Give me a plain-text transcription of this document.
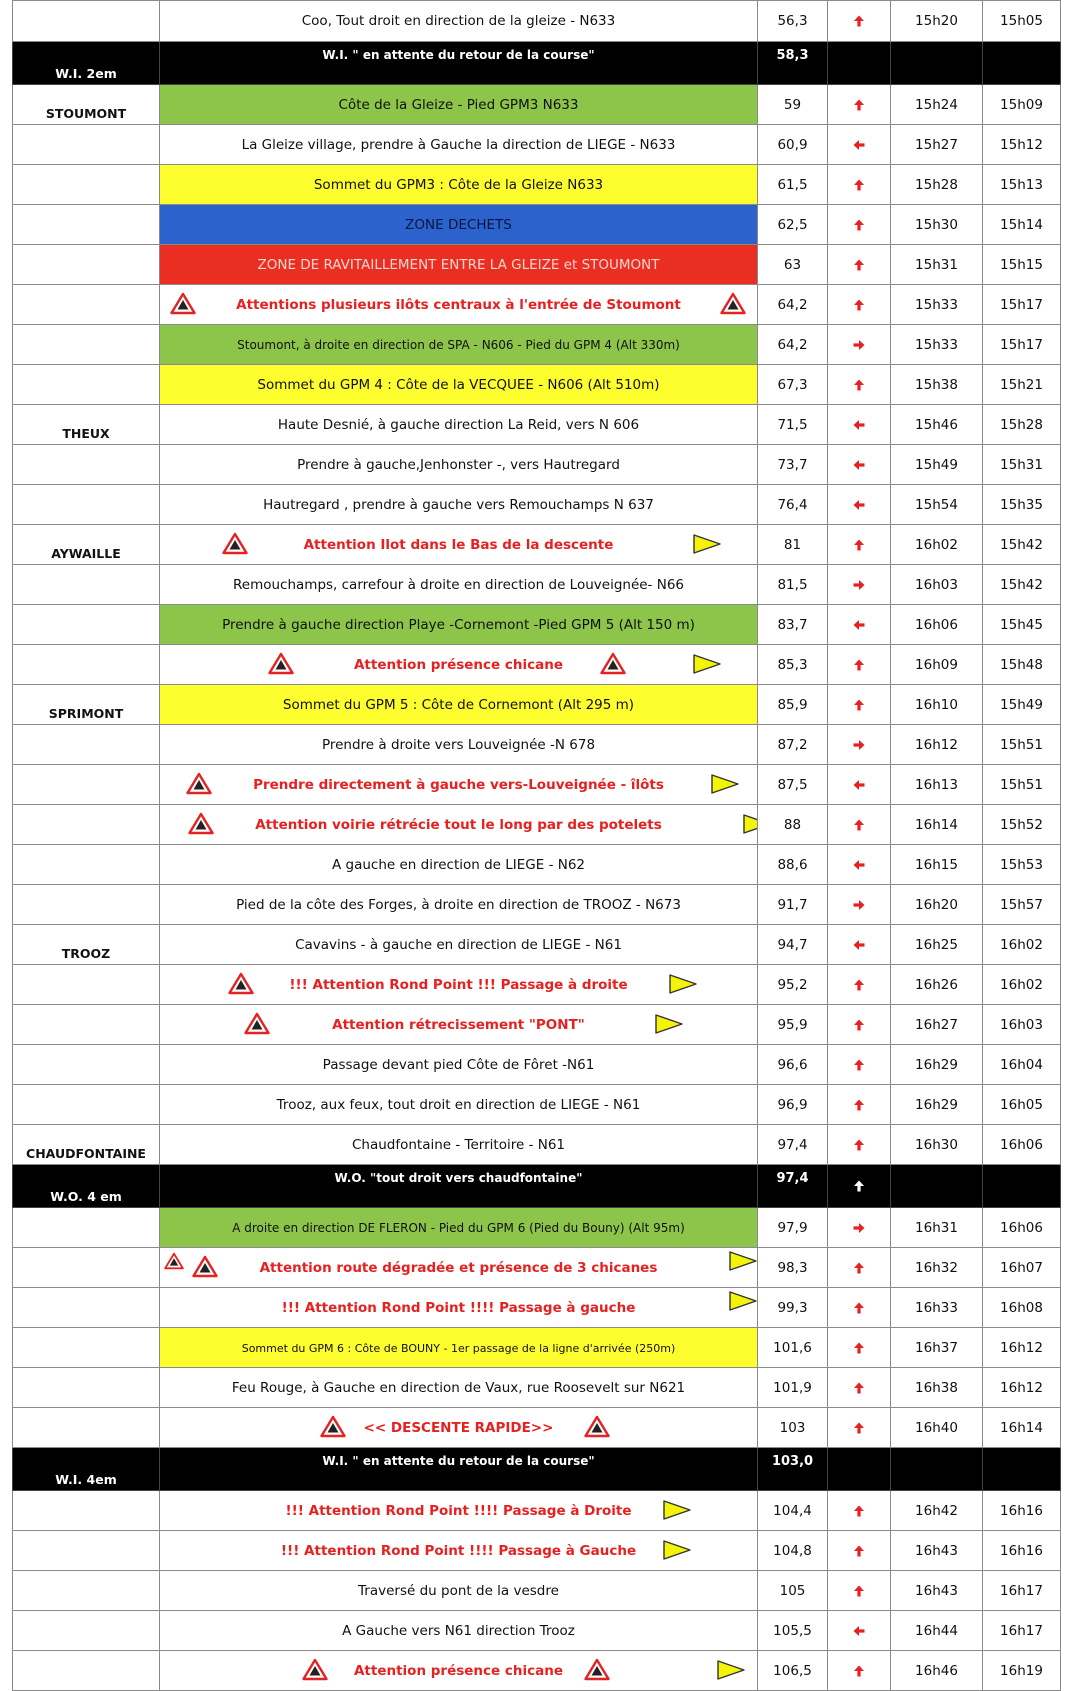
	Coo, Tout droit en direction de la gleize - N633	56,3		15h20	15h05
W.I. 2em	W.I. " en attente du retour de la course"	58,3			
STOUMONT	Côte de la Gleize - Pied GPM3 N633	59		15h24	15h09
	La Gleize village, prendre à Gauche la direction de LIEGE - N633	60,9		15h27	15h12
	Sommet du GPM3 : Côte de la Gleize N633	61,5		15h28	15h13
	ZONE DECHETS	62,5		15h30	15h14
	ZONE DE RAVITAILLEMENT ENTRE LA GLEIZE et STOUMONT	63		15h31	15h15
	Attentions plusieurs ilôts centraux à l'entrée de Stoumont	64,2		15h33	15h17
	Stoumont, à droite en direction de SPA - N606 - Pied du GPM 4 (Alt 330m)	64,2		15h33	15h17
	Sommet du GPM 4 : Côte de la VECQUEE - N606 (Alt 510m)	67,3		15h38	15h21
THEUX	Haute Desnié, à gauche direction La Reid, vers N 606	71,5		15h46	15h28
	Prendre à gauche,Jenhonster -, vers Hautregard	73,7		15h49	15h31
	Hautregard , prendre à gauche vers Remouchamps N 637	76,4		15h54	15h35
AYWAILLE	Attention Ilot dans le Bas de la descente	81		16h02	15h42
	Remouchamps, carrefour à droite en direction de Louveignée- N66	81,5		16h03	15h42
	Prendre à gauche direction Playe -Cornemont -Pied GPM 5 (Alt 150 m)	83,7		16h06	15h45
	Attention présence chicane	85,3		16h09	15h48
SPRIMONT	Sommet du GPM 5 : Côte de Cornemont (Alt 295 m)	85,9		16h10	15h49
	Prendre à droite vers Louveignée -N 678	87,2		16h12	15h51
	Prendre directement à gauche vers-Louveignée - îlôts	87,5		16h13	15h51
	Attention voirie rétrécie tout le long par des potelets	88		16h14	15h52
	A gauche en direction de LIEGE - N62	88,6		16h15	15h53
	Pied de la côte des Forges, à droite en direction de TROOZ - N673	91,7		16h20	15h57
TROOZ	Cavavins - à gauche en direction de LIEGE - N61	94,7		16h25	16h02
	!!! Attention Rond Point !!! Passage à droite	95,2		16h26	16h02
	Attention rétrecissement "PONT"	95,9		16h27	16h03
	Passage devant pied Côte de Fôret -N61	96,6		16h29	16h04
	Trooz, aux feux, tout droit en direction de LIEGE - N61	96,9		16h29	16h05
CHAUDFONTAINE	Chaudfontaine - Territoire - N61	97,4		16h30	16h06
W.O. 4 em	W.O. "tout droit vers chaudfontaine"	97,4			
	A droite en direction DE FLERON - Pied du GPM 6 (Pied du Bouny) (Alt 95m)	97,9		16h31	16h06
	Attention route dégradée et présence de 3 chicanes	98,3		16h32	16h07
	!!! Attention Rond Point !!!! Passage à gauche	99,3		16h33	16h08
	Sommet du GPM 6 : Côte de BOUNY - 1er passage de la ligne d'arrivée (250m)	101,6		16h37	16h12
	Feu Rouge, à Gauche en direction de Vaux, rue Roosevelt sur N621	101,9		16h38	16h12
	<< DESCENTE RAPIDE>>	103		16h40	16h14
W.I. 4em	W.I. " en attente du retour de la course"	103,0			
	!!! Attention Rond Point !!!! Passage à Droite	104,4		16h42	16h16
	!!! Attention Rond Point !!!! Passage à Gauche	104,8		16h43	16h16
	Traversé du pont de la vesdre	105		16h43	16h17
	A Gauche vers N61 direction Trooz	105,5		16h44	16h17
	Attention présence chicane	106,5		16h46	16h19
